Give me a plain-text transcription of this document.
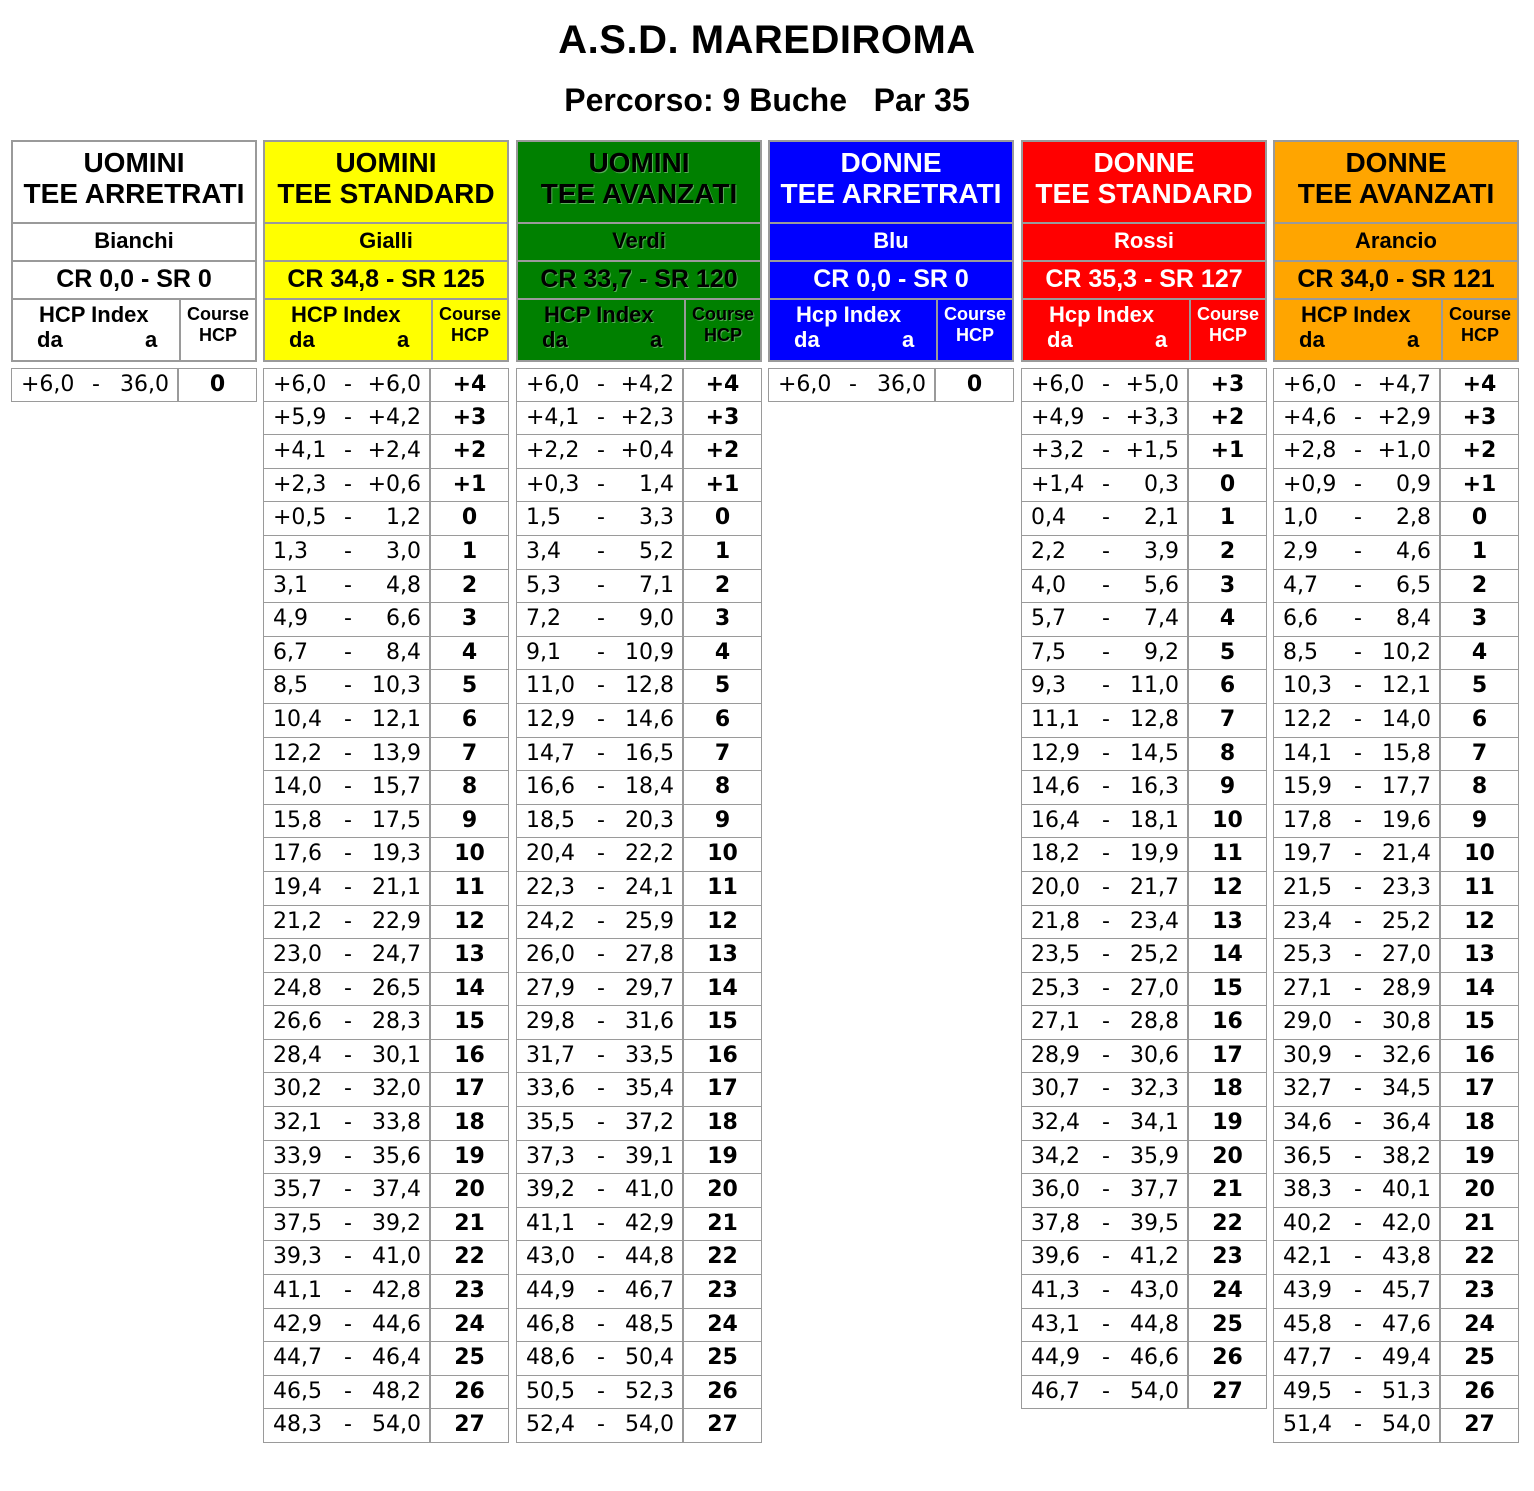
A.S.D. MAREDIROMA
Percorso: 9 Buche   Par 35
UOMINI
TEE ARRETRATI
Bianchi
CR 0,0 - SR 0
HCP Index
da	a
Course
HCP
+6,0 - 36,0	0
UOMINI
TEE STANDARD
Gialli
CR 34,8 - SR 125
HCP Index
da	a
Course
HCP
+6,0 - +6,0	+4
+5,9 - +4,2	+3
+4,1 - +2,4	+2
+2,3 - +0,6	+1
+0,5 - 1,2	0
1,3 - 3,0	1
3,1 - 4,8	2
4,9 - 6,6	3
6,7 - 8,4	4
8,5 - 10,3	5
10,4 - 12,1	6
12,2 - 13,9	7
14,0 - 15,7	8
15,8 - 17,5	9
17,6 - 19,3	10
19,4 - 21,1	11
21,2 - 22,9	12
23,0 - 24,7	13
24,8 - 26,5	14
26,6 - 28,3	15
28,4 - 30,1	16
30,2 - 32,0	17
32,1 - 33,8	18
33,9 - 35,6	19
35,7 - 37,4	20
37,5 - 39,2	21
39,3 - 41,0	22
41,1 - 42,8	23
42,9 - 44,6	24
44,7 - 46,4	25
46,5 - 48,2	26
48,3 - 54,0	27
UOMINI
TEE AVANZATI
Verdi
CR 33,7 - SR 120
HCP Index
da	a
Course
HCP
+6,0 - +4,2	+4
+4,1 - +2,3	+3
+2,2 - +0,4	+2
+0,3 - 1,4	+1
1,5 - 3,3	0
3,4 - 5,2	1
5,3 - 7,1	2
7,2 - 9,0	3
9,1 - 10,9	4
11,0 - 12,8	5
12,9 - 14,6	6
14,7 - 16,5	7
16,6 - 18,4	8
18,5 - 20,3	9
20,4 - 22,2	10
22,3 - 24,1	11
24,2 - 25,9	12
26,0 - 27,8	13
27,9 - 29,7	14
29,8 - 31,6	15
31,7 - 33,5	16
33,6 - 35,4	17
35,5 - 37,2	18
37,3 - 39,1	19
39,2 - 41,0	20
41,1 - 42,9	21
43,0 - 44,8	22
44,9 - 46,7	23
46,8 - 48,5	24
48,6 - 50,4	25
50,5 - 52,3	26
52,4 - 54,0	27
DONNE
TEE ARRETRATI
Blu
CR 0,0 - SR 0
Hcp Index
da	a
Course
HCP
+6,0 - 36,0	0
DONNE
TEE STANDARD
Rossi
CR 35,3 - SR 127
Hcp Index
da	a
Course
HCP
+6,0 - +5,0	+3
+4,9 - +3,3	+2
+3,2 - +1,5	+1
+1,4 - 0,3	0
0,4 - 2,1	1
2,2 - 3,9	2
4,0 - 5,6	3
5,7 - 7,4	4
7,5 - 9,2	5
9,3 - 11,0	6
11,1 - 12,8	7
12,9 - 14,5	8
14,6 - 16,3	9
16,4 - 18,1	10
18,2 - 19,9	11
20,0 - 21,7	12
21,8 - 23,4	13
23,5 - 25,2	14
25,3 - 27,0	15
27,1 - 28,8	16
28,9 - 30,6	17
30,7 - 32,3	18
32,4 - 34,1	19
34,2 - 35,9	20
36,0 - 37,7	21
37,8 - 39,5	22
39,6 - 41,2	23
41,3 - 43,0	24
43,1 - 44,8	25
44,9 - 46,6	26
46,7 - 54,0	27
DONNE
TEE AVANZATI
Arancio
CR 34,0 - SR 121
HCP Index
da	a
Course
HCP
+6,0 - +4,7	+4
+4,6 - +2,9	+3
+2,8 - +1,0	+2
+0,9 - 0,9	+1
1,0 - 2,8	0
2,9 - 4,6	1
4,7 - 6,5	2
6,6 - 8,4	3
8,5 - 10,2	4
10,3 - 12,1	5
12,2 - 14,0	6
14,1 - 15,8	7
15,9 - 17,7	8
17,8 - 19,6	9
19,7 - 21,4	10
21,5 - 23,3	11
23,4 - 25,2	12
25,3 - 27,0	13
27,1 - 28,9	14
29,0 - 30,8	15
30,9 - 32,6	16
32,7 - 34,5	17
34,6 - 36,4	18
36,5 - 38,2	19
38,3 - 40,1	20
40,2 - 42,0	21
42,1 - 43,8	22
43,9 - 45,7	23
45,8 - 47,6	24
47,7 - 49,4	25
49,5 - 51,3	26
51,4 - 54,0	27
